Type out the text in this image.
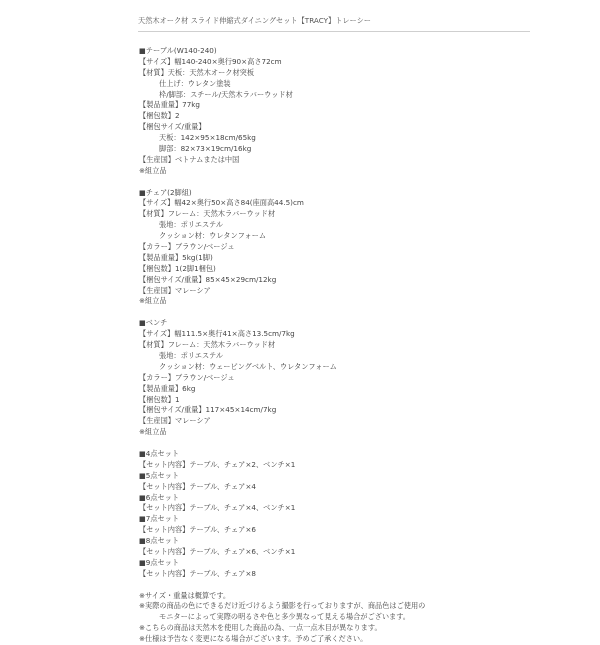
天然木オーク材 スライド伸縮式ダイニングセット【TRACY】トレーシー
■テーブル(W140-240)
【サイズ】幅140-240×奥行90×高さ72cm
【材質】天板：天然木オーク材突板
仕上げ：ウレタン塗装
枠/脚部：スチール/天然木ラバーウッド材
【製品重量】77kg
【梱包数】2
【梱包サイズ/重量】
天板：142×95×18cm/65kg
脚部：82×73×19cm/16kg
【生産国】ベトナムまたは中国
※組立品
■チェア(2脚組)
【サイズ】幅42×奥行50×高さ84(座面高44.5)cm
【材質】フレーム：天然木ラバーウッド材
張地：ポリエステル
クッション材：ウレタンフォーム
【カラー】ブラウン/ベージュ
【製品重量】5kg(1脚)
【梱包数】1(2脚1梱包)
【梱包サイズ/重量】85×45×29cm/12kg
【生産国】マレーシア
※組立品
■ベンチ
【サイズ】幅111.5×奥行41×高さ13.5cm/7kg
【材質】フレーム：天然木ラバーウッド材
張地：ポリエステル
クッション材：ウェービングベルト、ウレタンフォーム
【カラー】ブラウン/ベージュ
【製品重量】6kg
【梱包数】1
【梱包サイズ/重量】117×45×14cm/7kg
【生産国】マレーシア
※組立品
■4点セット
【セット内容】テーブル、チェア×2、ベンチ×1
■5点セット
【セット内容】テーブル、チェア×4
■6点セット
【セット内容】テーブル、チェア×4、ベンチ×1
■7点セット
【セット内容】テーブル、チェア×6
■8点セット
【セット内容】テーブル、チェア×6、ベンチ×1
■9点セット
【セット内容】テーブル、チェア×8
※サイズ・重量は概算です。
※実際の商品の色にできるだけ近づけるよう撮影を行っておりますが、商品色はご使用の
モニターによって実際の明るさや色と多少異なって見える場合がございます。
※こちらの商品は天然木を使用した商品の為、一点一点木目が異なります。
※仕様は予告なく変更になる場合がございます。予めご了承ください。
